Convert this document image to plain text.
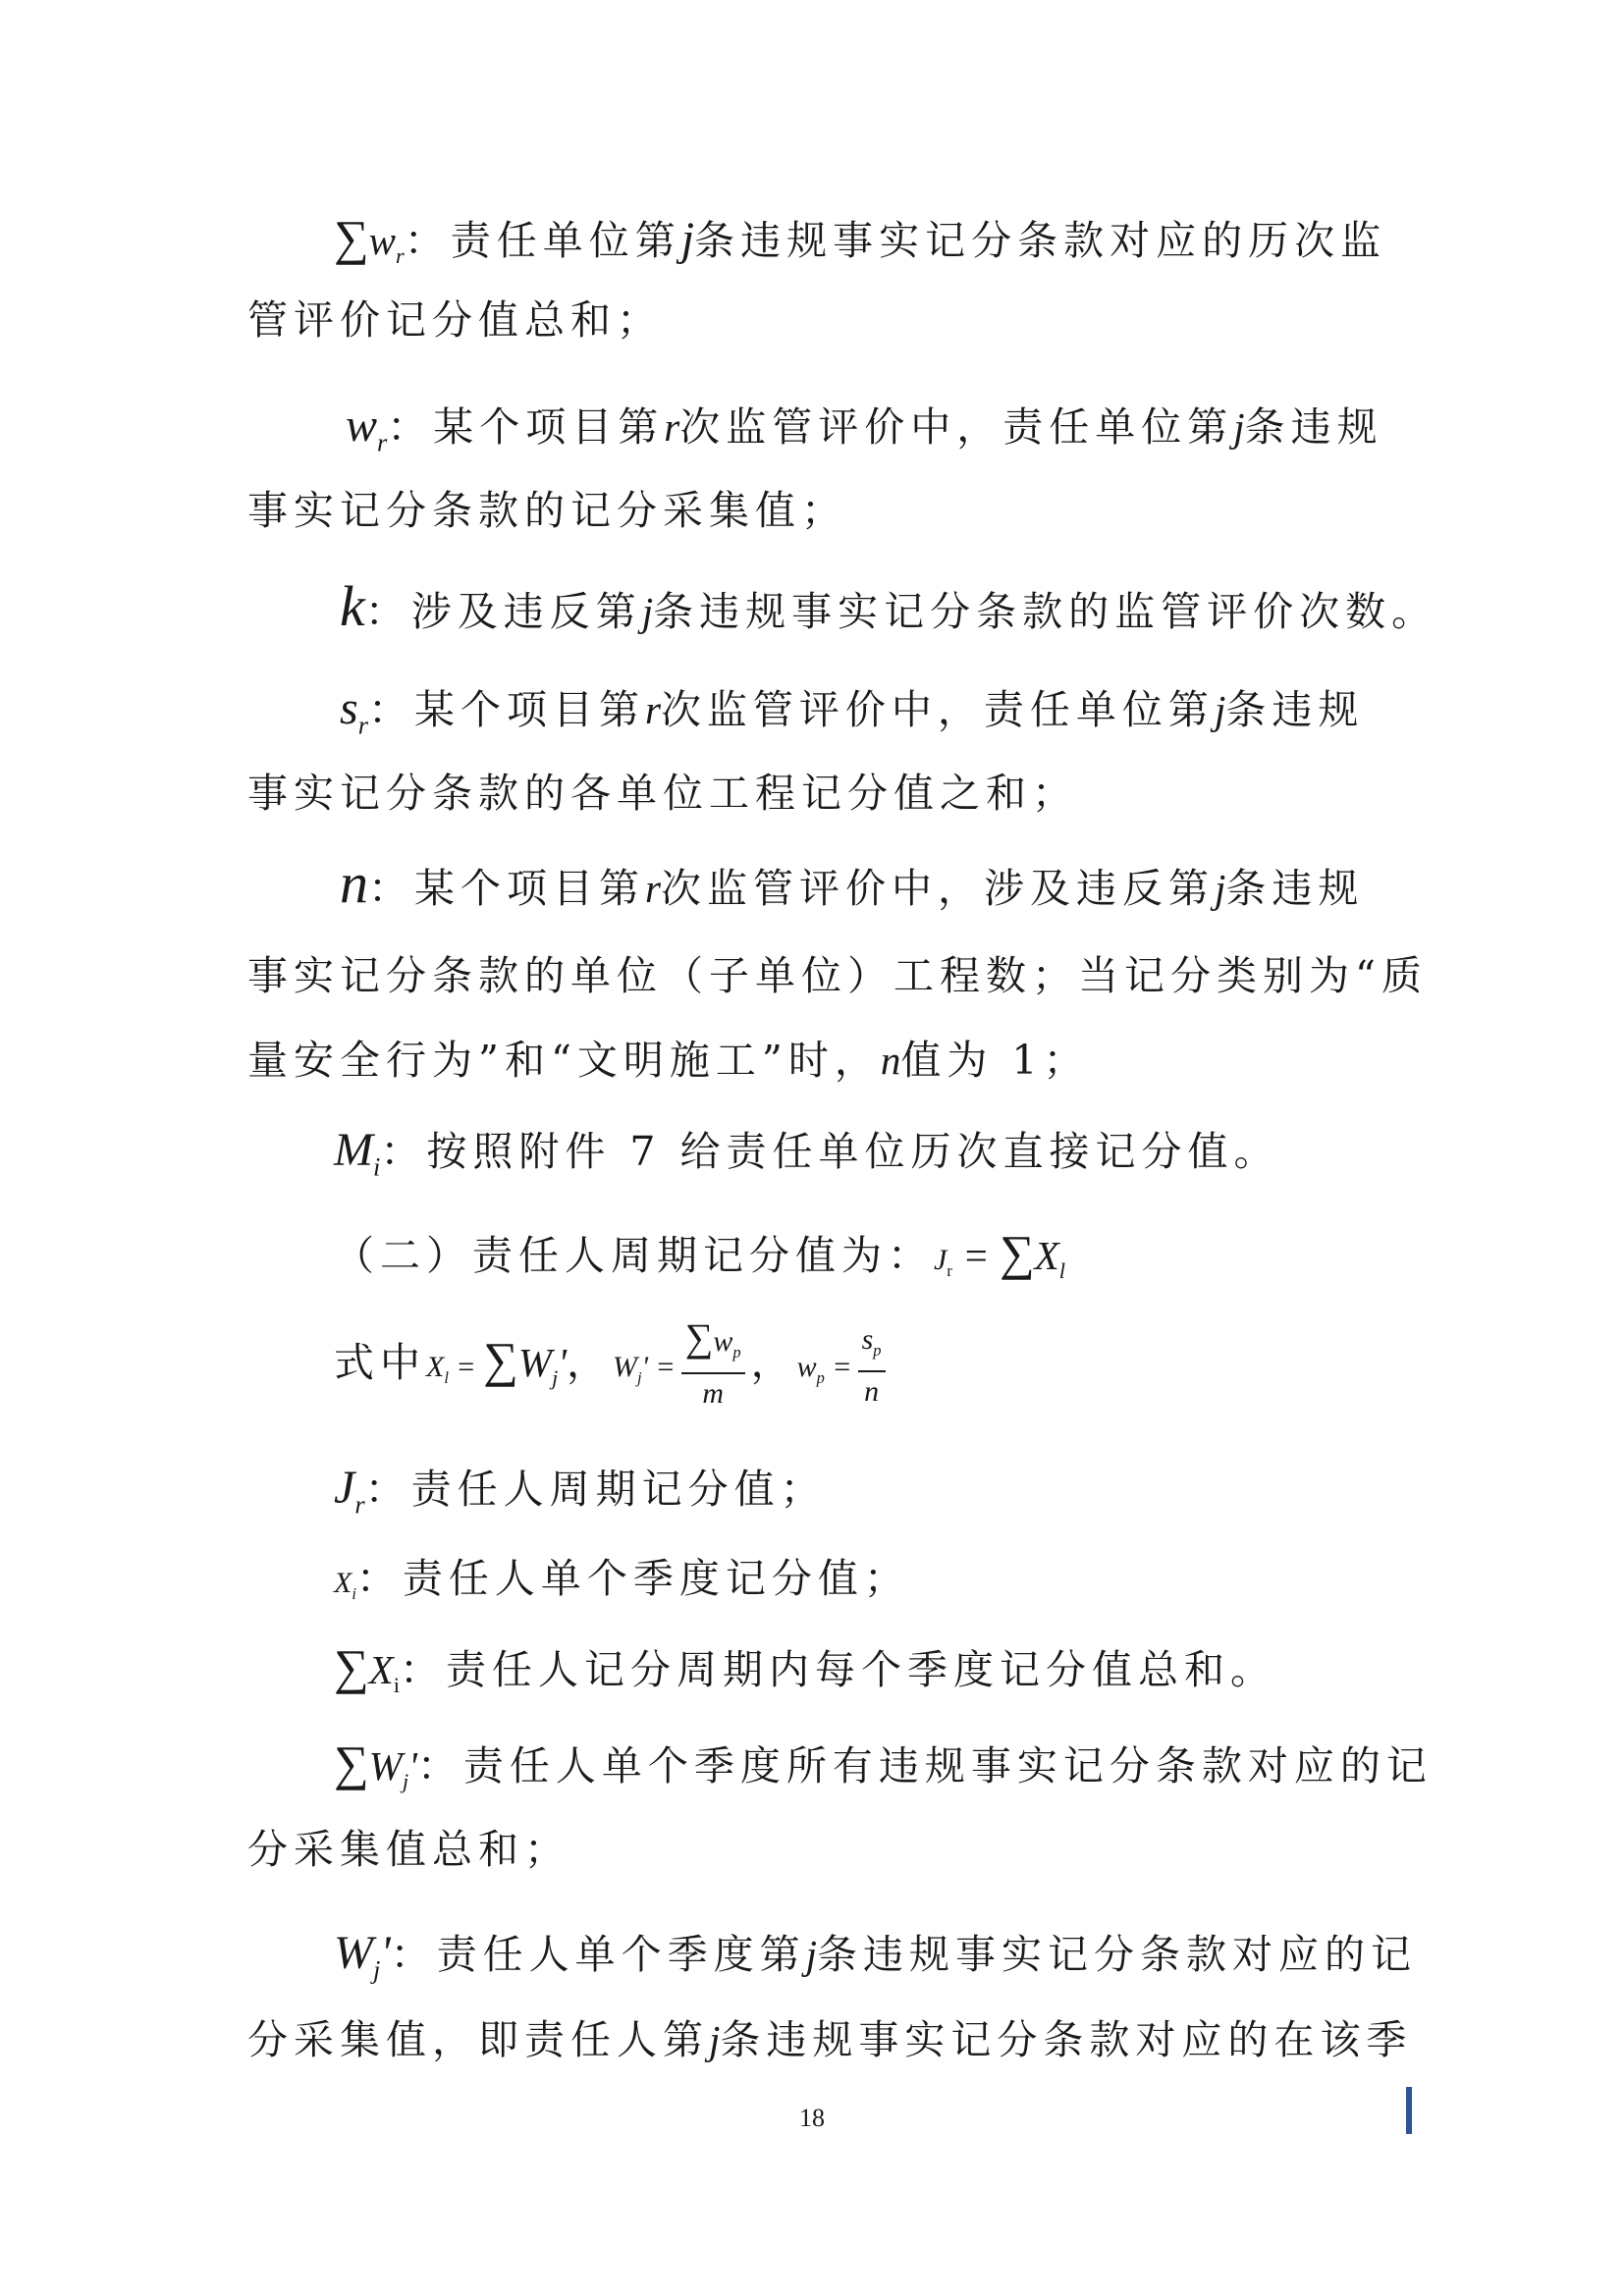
$\sum w_r$：责任单位第j条违规事实记分条款对应的历次监
管评价记分值总和；
$w_r$：某个项目第r次监管评价中，责任单位第j条违规
事实记分条款的记分采集值；
k：涉及违反第j条违规事实记分条款的监管评价次数。
$s_r$：某个项目第r次监管评价中，责任单位第j条违规
事实记分条款的各单位工程记分值之和；
n：某个项目第r次监管评价中，涉及违反第j条违规
事实记分条款的单位（子单位）工程数；当记分类别为“质
量安全行为”和“文明施工”时，n值为 1；
$M_i$：按照附件 7 给责任单位历次直接记分值。
（二）责任人周期记分值为：$J_r = \sum X_l$
式中$X_l = \sum W_j'$，$W_j' = \frac{\sum w_p}{m}$ ，$w_p = \frac{s_p}{n}$
$J_r$：责任人周期记分值；
$X_i$：责任人单个季度记分值；
$\sum X_i$：责任人记分周期内每个季度记分值总和。
$\sum W_j'$：责任人单个季度所有违规事实记分条款对应的记
分采集值总和；
$W_j'$：责任人单个季度第j条违规事实记分条款对应的记
分采集值，即责任人第j条违规事实记分条款对应的在该季
18
